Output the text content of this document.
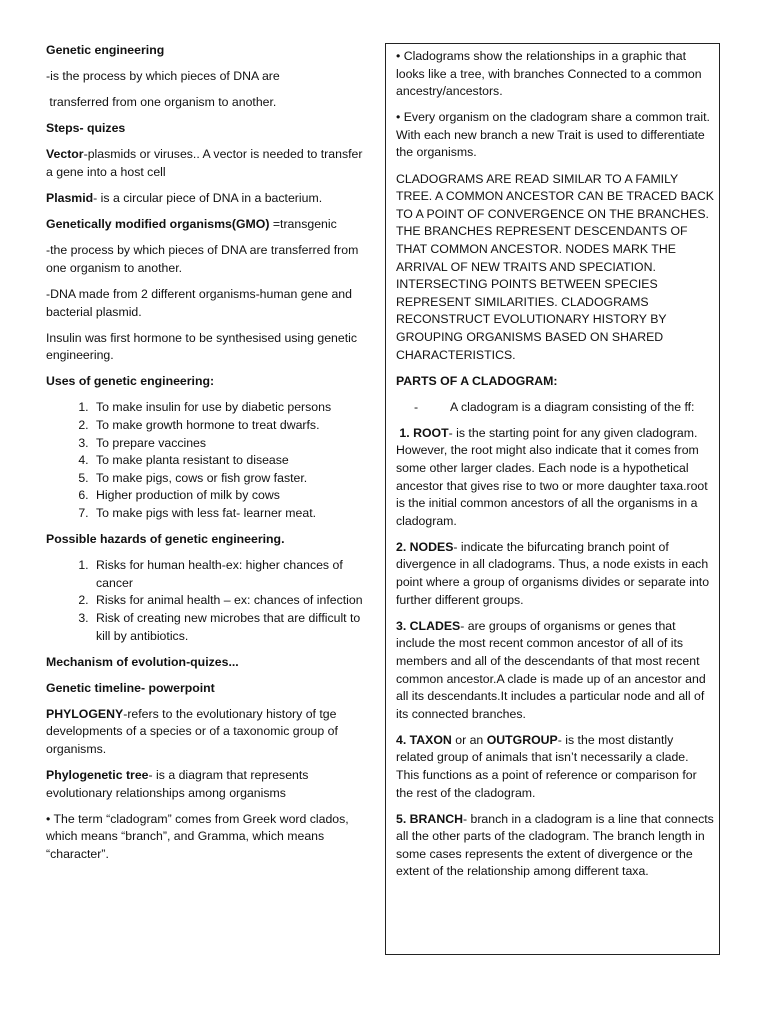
Genetic engineering

-is the process by which pieces of DNA are

transferred from one organism to another.

Steps- quizes

Vector-plasmids or viruses.. A vector is needed to transfer
a gene into a host cell

Plasmid- is a circular piece of DNA in a bacterium.

Genetically modified organisms(GMO) =transgenic

-the process by which pieces of DNA are transferred from one organism to another.

-DNA made from 2 different organisms-human gene and bacterial plasmid.

Insulin was first hormone to be synthesised using genetic engineering.

Uses of genetic engineering:

1. To make insulin for use by diabetic persons
2. To make growth hormone to treat dwarfs.
3. To prepare vaccines
4. To make planta resistant to disease
5. To make pigs, cows or fish grow faster.
6. Higher production of milk by cows
7. To make pigs with less fat- learner meat.

Possible hazards of genetic engineering.

1. Risks for human health-ex: higher chances of cancer
2. Risks for animal health – ex: chances of infection
3. Risk of creating new microbes that are difficult to kill by antibiotics.

Mechanism of evolution-quizes...

Genetic timeline- powerpoint

PHYLOGENY-refers to the evolutionary history of tge developments of a species or of a taxonomic group of organisms.

Phylogenetic tree- is a diagram that represents evolutionary relationships among organisms

• The term “cladogram” comes from Greek word clados, which means “branch”, and Gramma, which means “character”.

• Cladograms show the relationships in a graphic that looks like a tree, with branches Connected to a common ancestry/ancestors.

• Every organism on the cladogram share a common trait. With each new branch a new Trait is used to differentiate the organisms.

CLADOGRAMS ARE READ SIMILAR TO A FAMILY TREE. A COMMON ANCESTOR CAN BE TRACED BACK TO A POINT OF CONVERGENCE ON THE BRANCHES. THE BRANCHES REPRESENT DESCENDANTS OF THAT COMMON ANCESTOR. NODES MARK THE ARRIVAL OF NEW TRAITS AND SPECIATION. INTERSECTING POINTS BETWEEN SPECIES REPRESENT SIMILARITIES. CLADOGRAMS RECONSTRUCT EVOLUTIONARY HISTORY BY GROUPING ORGANISMS BASED ON SHARED CHARACTERISTICS.

PARTS OF A CLADOGRAM:

-	A cladogram is a diagram consisting of the ff:

1. ROOT- is the starting point for any given cladogram. However, the root might also indicate that it comes from some other larger clades. Each node is a hypothetical ancestor that gives rise to two or more daughter taxa.root is the initial common ancestors of all the organisms in a cladogram.

2. NODES- indicate the bifurcating branch point of divergence in all cladograms. Thus, a node exists in each point where a group of organisms divides or separate into further different groups.

3. CLADES- are groups of organisms or genes that include the most recent common ancestor of all of its members and all of the descendants of that most recent common ancestor.A clade is made up of an ancestor and all its descendants.It includes a particular node and all of its connected branches.

4. TAXON or an OUTGROUP- is the most distantly related group of animals that isn’t necessarily a clade. This functions as a point of reference or comparison for the rest of the cladogram.

5. BRANCH- branch in a cladogram is a line that connects all the other parts of the cladogram. The branch length in some cases represents the extent of divergence or the extent of the relationship among different taxa.
